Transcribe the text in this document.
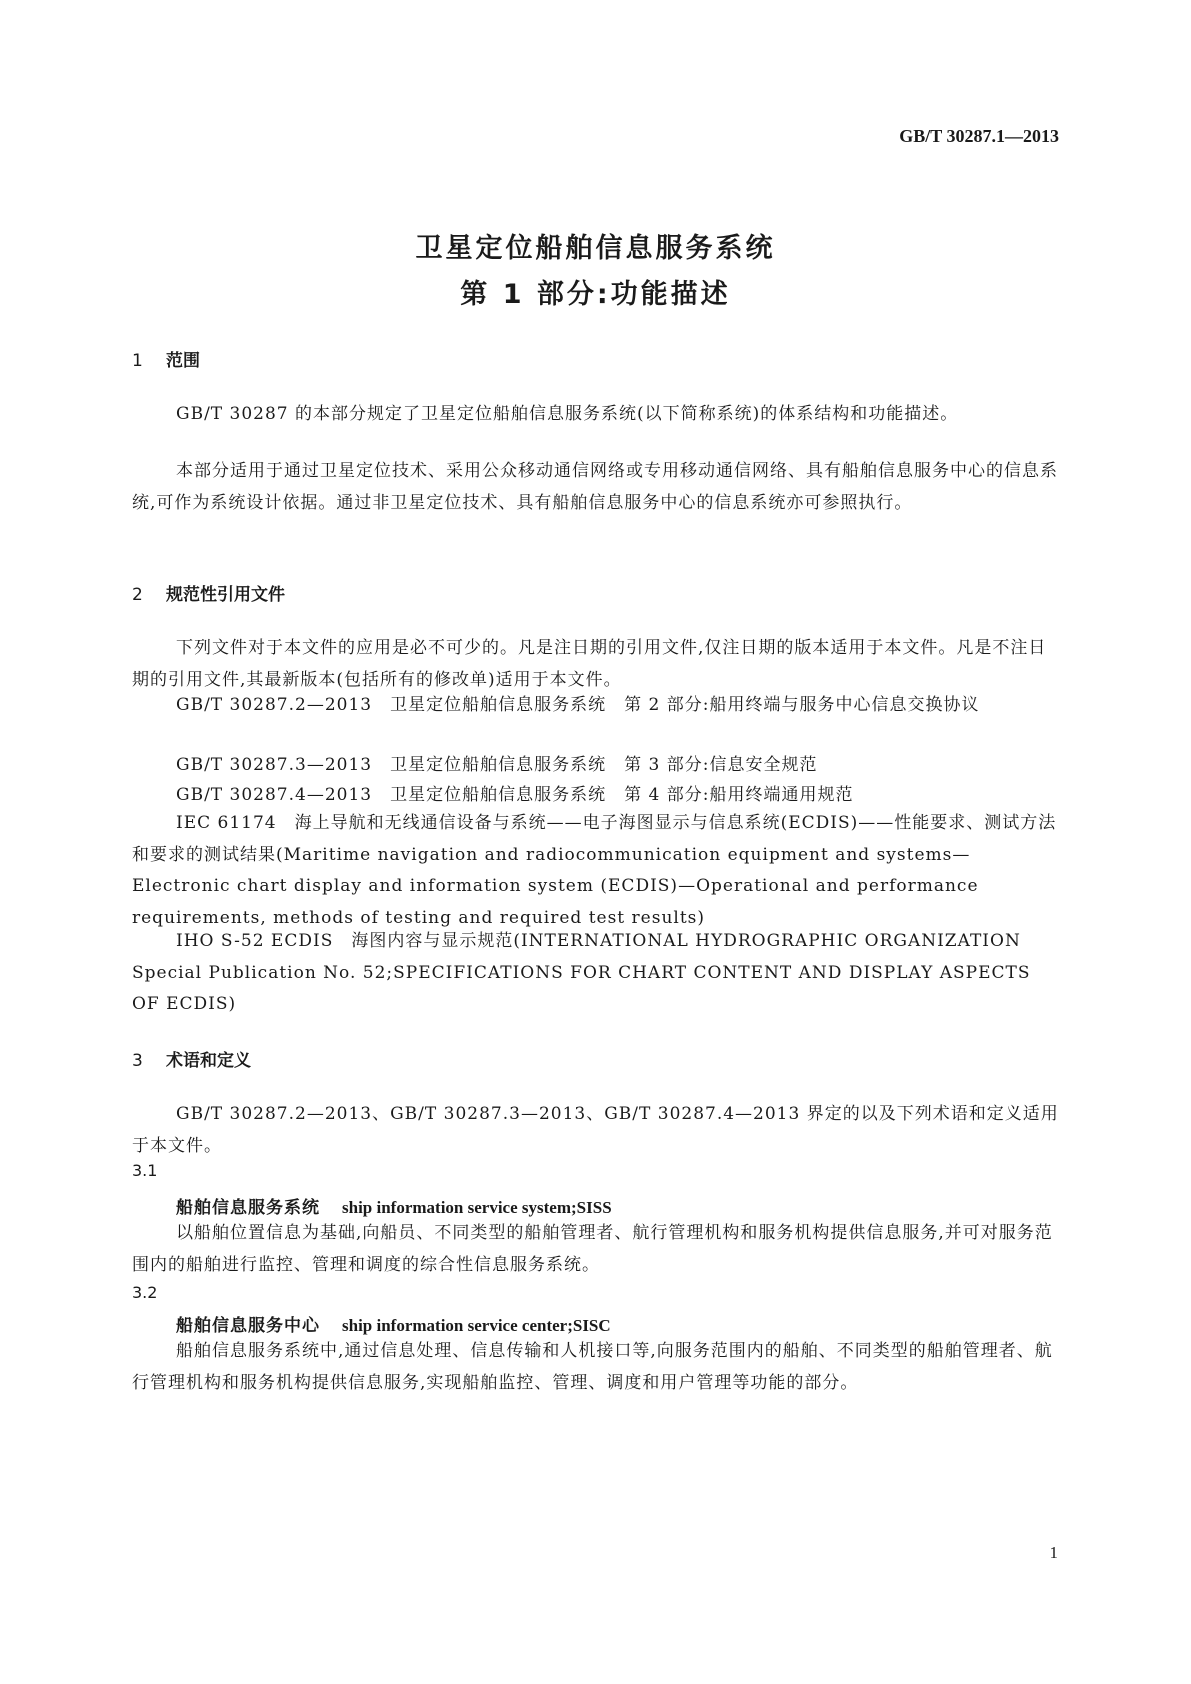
GB/T 30287.1—2013
卫星定位船舶信息服务系统
第 1 部分:功能描述
1 范围
GB/T 30287 的本部分规定了卫星定位船舶信息服务系统(以下简称系统)的体系结构和功能描述。
本部分适用于通过卫星定位技术、采用公众移动通信网络或专用移动通信网络、具有船舶信息服务中心的信息系统,可作为系统设计依据。通过非卫星定位技术、具有船舶信息服务中心的信息系统亦可参照执行。
2 规范性引用文件
下列文件对于本文件的应用是必不可少的。凡是注日期的引用文件,仅注日期的版本适用于本文件。凡是不注日期的引用文件,其最新版本(包括所有的修改单)适用于本文件。
GB/T 30287.2—2013　卫星定位船舶信息服务系统　第 2 部分:船用终端与服务中心信息交换协议
GB/T 30287.3—2013　卫星定位船舶信息服务系统　第 3 部分:信息安全规范
GB/T 30287.4—2013　卫星定位船舶信息服务系统　第 4 部分:船用终端通用规范
IEC 61174　海上导航和无线通信设备与系统——电子海图显示与信息系统(ECDIS)——性能要求、测试方法和要求的测试结果(Maritime navigation and radiocommunication equipment and systems—Electronic chart display and information system (ECDIS)—Operational and performance requirements, methods of testing and required test results)
IHO S-52 ECDIS　海图内容与显示规范(INTERNATIONAL HYDROGRAPHIC ORGANIZATION Special Publication No. 52;SPECIFICATIONS FOR CHART CONTENT AND DISPLAY ASPECTS OF ECDIS)
3 术语和定义
GB/T 30287.2—2013、GB/T 30287.3—2013、GB/T 30287.4—2013 界定的以及下列术语和定义适用于本文件。
3.1
船舶信息服务系统 ship information service system;SISS
以船舶位置信息为基础,向船员、不同类型的船舶管理者、航行管理机构和服务机构提供信息服务,并可对服务范围内的船舶进行监控、管理和调度的综合性信息服务系统。
3.2
船舶信息服务中心 ship information service center;SISC
船舶信息服务系统中,通过信息处理、信息传输和人机接口等,向服务范围内的船舶、不同类型的船舶管理者、航行管理机构和服务机构提供信息服务,实现船舶监控、管理、调度和用户管理等功能的部分。
1
